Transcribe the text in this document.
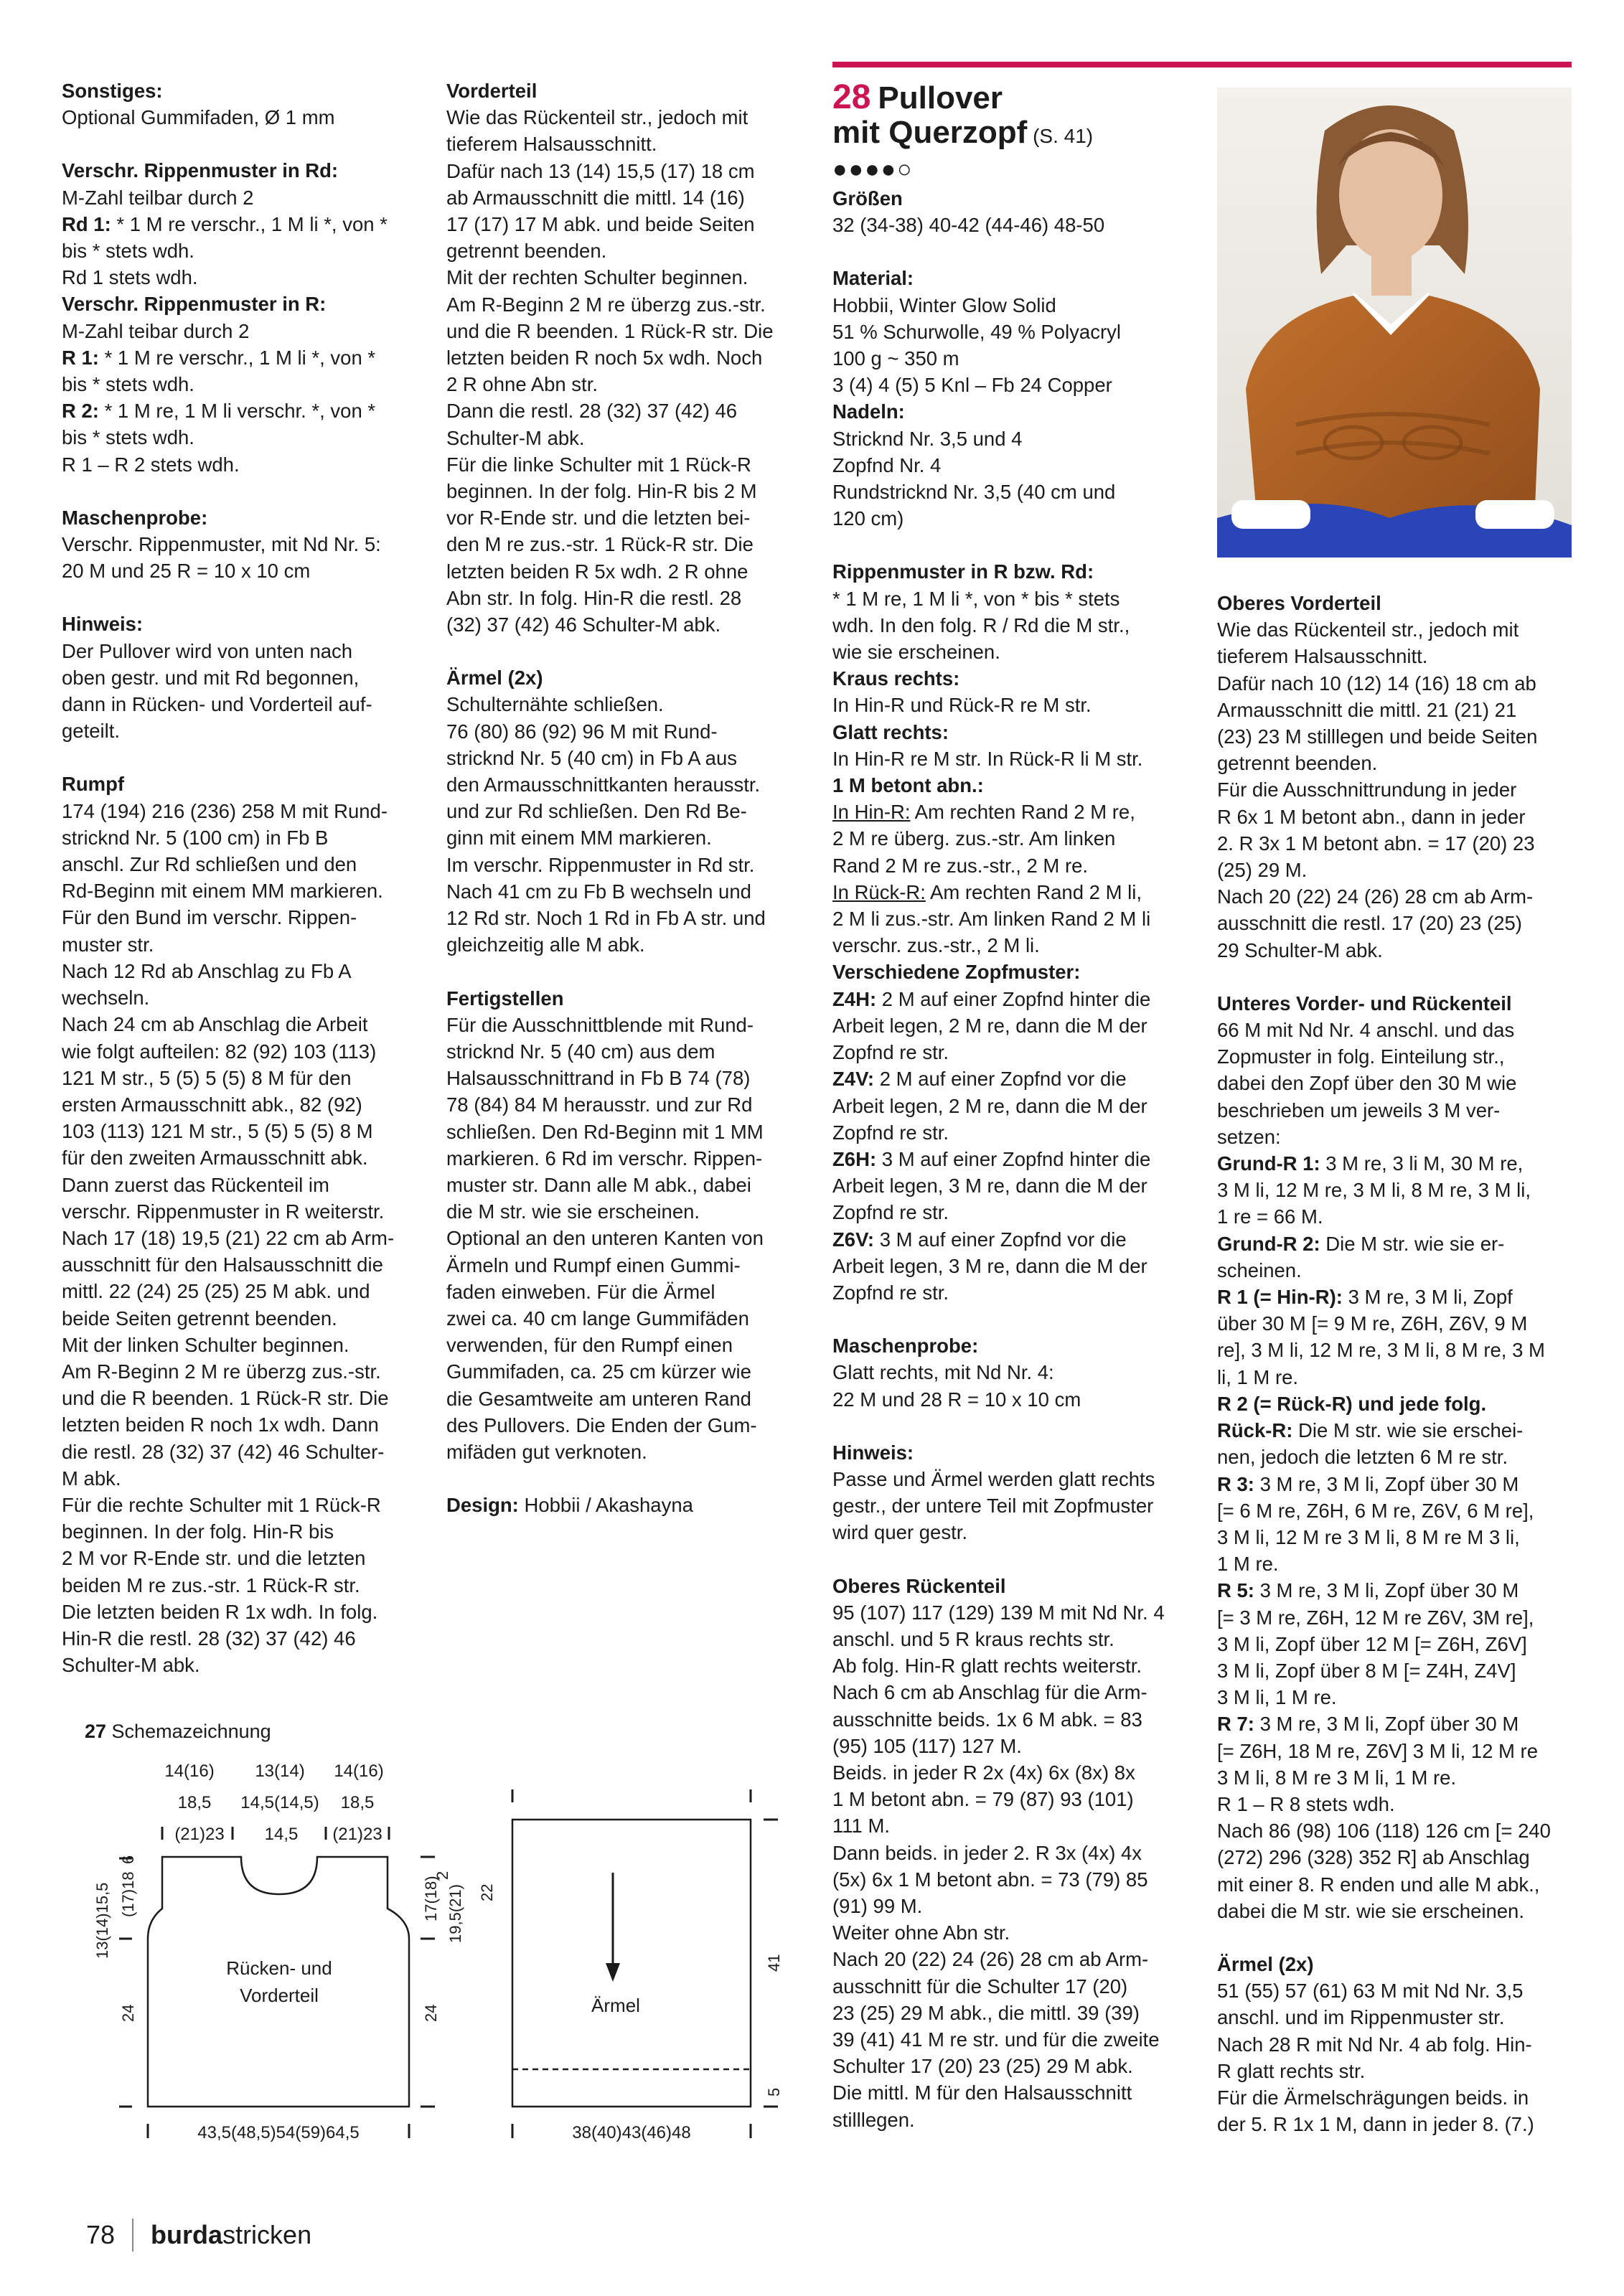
Sonstiges:

Optional Gummifaden, Ø 1 mm

Verschr. Rippenmuster in Rd:

M-Zahl teilbar durch 2

Rd 1: * 1 M re verschr., 1 M li *, von *

bis * stets wdh.

Rd 1 stets wdh.

Verschr. Rippenmuster in R:

M-Zahl teibar durch 2

R 1: * 1 M re verschr., 1 M li *, von *

bis * stets wdh.

R 2: * 1 M re, 1 M li verschr. *, von *

bis * stets wdh.

R 1 – R 2 stets wdh.

Maschenprobe:

Verschr. Rippenmuster, mit Nd Nr. 5:

20 M und 25 R = 10 x 10 cm

Hinweis:

Der Pullover wird von unten nach

oben gestr. und mit Rd begonnen,

dann in Rücken- und Vorderteil auf-

geteilt.

Rumpf

174 (194) 216 (236) 258 M mit Rund-

stricknd Nr. 5 (100 cm) in Fb B

anschl. Zur Rd schließen und den

Rd-Beginn mit einem MM markieren.

Für den Bund im verschr. Rippen-

muster str.

Nach 12 Rd ab Anschlag zu Fb A

wechseln.

Nach 24 cm ab Anschlag die Arbeit

wie folgt aufteilen: 82 (92) 103 (113)

121 M str., 5 (5) 5 (5) 8 M für den

ersten Armausschnitt abk., 82 (92)

103 (113) 121 M str., 5 (5) 5 (5) 8 M

für den zweiten Armausschnitt abk.

Dann zuerst das Rückenteil im

verschr. Rippenmuster in R weiterstr.

Nach 17 (18) 19,5 (21) 22 cm ab Arm-

ausschnitt für den Halsausschnitt die

mittl. 22 (24) 25 (25) 25 M abk. und

beide Seiten getrennt beenden.

Mit der linken Schulter beginnen.

Am R-Beginn 2 M re überzg zus.-str.

und die R beenden. 1 Rück-R str. Die

letzten beiden R noch 1x wdh. Dann

die restl. 28 (32) 37 (42) 46 Schulter-

M abk.

Für die rechte Schulter mit 1 Rück-R

beginnen. In der folg. Hin-R bis

2 M vor R-Ende str. und die letzten

beiden M re zus.-str. 1 Rück-R str.

Die letzten beiden R 1x wdh. In folg.

Hin-R die restl. 28 (32) 37 (42) 46

Schulter-M abk.

Vorderteil

Wie das Rückenteil str., jedoch mit

tieferem Halsausschnitt.

Dafür nach 13 (14) 15,5 (17) 18 cm

ab Armausschnitt die mittl. 14 (16)

17 (17) 17 M abk. und beide Seiten

getrennt beenden.

Mit der rechten Schulter beginnen.

Am R-Beginn 2 M re überzg zus.-str.

und die R beenden. 1 Rück-R str. Die

letzten beiden R noch 5x wdh. Noch

2 R ohne Abn str.

Dann die restl. 28 (32) 37 (42) 46

Schulter-M abk.

Für die linke Schulter mit 1 Rück-R

beginnen. In der folg. Hin-R bis 2 M

vor R-Ende str. und die letzten bei-

den M re zus.-str. 1 Rück-R str. Die

letzten beiden R 5x wdh. 2 R ohne

Abn str. In folg. Hin-R die restl. 28

(32) 37 (42) 46 Schulter-M abk.

Ärmel (2x)

Schulternähte schließen.

76 (80) 86 (92) 96 M mit Rund-

stricknd Nr. 5 (40 cm) in Fb A aus

den Armausschnittkanten herausstr.

und zur Rd schließen. Den Rd Be-

ginn mit einem MM markieren.

Im verschr. Rippenmuster in Rd str.

Nach 41 cm zu Fb B wechseln und

12 Rd str. Noch 1 Rd in Fb A str. und

gleichzeitig alle M abk.

Fertigstellen

Für die Ausschnittblende mit Rund-

stricknd Nr. 5 (40 cm) aus dem

Halsausschnittrand in Fb B 74 (78)

78 (84) 84 M herausstr. und zur Rd

schließen. Den Rd-Beginn mit 1 MM

markieren. 6 Rd im verschr. Rippen-

muster str. Dann alle M abk., dabei

die M str. wie sie erscheinen.

Optional an den unteren Kanten von

Ärmeln und Rumpf einen Gummi-

faden einweben. Für die Ärmel

zwei ca. 40 cm lange Gummifäden

verwenden, für den Rumpf einen

Gummifaden, ca. 25 cm kürzer wie

die Gesamtweite am unteren Rand

des Pullovers. Die Enden der Gum-

mifäden gut verknoten.

Design: Hobbii / Akashayna

28 Pullover

mit Querzopf (S. 41)

●●●●○

Größen

32 (34-38) 40-42 (44-46) 48-50

Material:

Hobbii, Winter Glow Solid

51 % Schurwolle, 49 % Polyacryl

100 g ~ 350 m

3 (4) 4 (5) 5 Knl – Fb 24 Copper

Nadeln:

Stricknd Nr. 3,5 und 4

Zopfnd Nr. 4

Rundstricknd Nr. 3,5 (40 cm und

120 cm)

Rippenmuster in R bzw. Rd:

* 1 M re, 1 M li *, von * bis * stets

wdh. In den folg. R / Rd die M str.,

wie sie erscheinen.

Kraus rechts:

In Hin-R und Rück-R re M str.

Glatt rechts:

In Hin-R re M str. In Rück-R li M str.

1 M betont abn.:

In Hin-R: Am rechten Rand 2 M re,

2 M re überg. zus.-str. Am linken

Rand 2 M re zus.-str., 2 M re.

In Rück-R: Am rechten Rand 2 M li,

2 M li zus.-str. Am linken Rand 2 M li

verschr. zus.-str., 2 M li.

Verschiedene Zopfmuster:

Z4H: 2 M auf einer Zopfnd hinter die

Arbeit legen, 2 M re, dann die M der

Zopfnd re str.

Z4V: 2 M auf einer Zopfnd vor die

Arbeit legen, 2 M re, dann die M der

Zopfnd re str.

Z6H: 3 M auf einer Zopfnd hinter die

Arbeit legen, 3 M re, dann die M der

Zopfnd re str.

Z6V: 3 M auf einer Zopfnd vor die

Arbeit legen, 3 M re, dann die M der

Zopfnd re str.

Maschenprobe:

Glatt rechts, mit Nd Nr. 4:

22 M und 28 R = 10 x 10 cm

Hinweis:

Passe und Ärmel werden glatt rechts

gestr., der untere Teil mit Zopfmuster

wird quer gestr.

Oberes Rückenteil

95 (107) 117 (129) 139 M mit Nd Nr. 4

anschl. und 5 R kraus rechts str.

Ab folg. Hin-R glatt rechts weiterstr.

Nach 6 cm ab Anschlag für die Arm-

ausschnitte beids. 1x 6 M abk. = 83

(95) 105 (117) 127 M.

Beids. in jeder R 2x (4x) 6x (8x) 8x

1 M betont abn. = 79 (87) 93 (101)

111 M.

Dann beids. in jeder 2. R 3x (4x) 4x

(5x) 6x 1 M betont abn. = 73 (79) 85

(91) 99 M.

Weiter ohne Abn str.

Nach 20 (22) 24 (26) 28 cm ab Arm-

ausschnitt für die Schulter 17 (20)

23 (25) 29 M abk., die mittl. 39 (39)

39 (41) 41 M re str. und für die zweite

Schulter 17 (20) 23 (25) 29 M abk.

Die mittl. M für den Halsausschnitt

stilllegen.

Oberes Vorderteil

Wie das Rückenteil str., jedoch mit

tieferem Halsausschnitt.

Dafür nach 10 (12) 14 (16) 18 cm ab

Armausschnitt die mittl. 21 (21) 21

(23) 23 M stilllegen und beide Seiten

getrennt beenden.

Für die Ausschnittrundung in jeder

R 6x 1 M betont abn., dann in jeder

2. R 3x 1 M betont abn. = 17 (20) 23

(25) 29 M.

Nach 20 (22) 24 (26) 28 cm ab Arm-

ausschnitt die restl. 17 (20) 23 (25)

29 Schulter-M abk.

Unteres Vorder- und Rückenteil

66 M mit Nd Nr. 4 anschl. und das

Zopmuster in folg. Einteilung str.,

dabei den Zopf über den 30 M wie

beschrieben um jeweils 3 M ver-

setzen:

Grund-R 1: 3 M re, 3 li M, 30 M re,

3 M li, 12 M re, 3 M li, 8 M re, 3 M li,

1 re = 66 M.

Grund-R 2: Die M str. wie sie er-

scheinen.

R 1 (= Hin-R): 3 M re, 3 M li, Zopf

über 30 M [= 9 M re, Z6H, Z6V, 9 M

re], 3 M li, 12 M re, 3 M li, 8 M re, 3 M

li, 1 M re.

R 2 (= Rück-R) und jede folg.

Rück-R: Die M str. wie sie erschei-

nen, jedoch die letzten 6 M re str.

R 3: 3 M re, 3 M li, Zopf über 30 M

[= 6 M re, Z6H, 6 M re, Z6V, 6 M re],

3 M li, 12 M re 3 M li, 8 M re M 3 li,

1 M re.

R 5: 3 M re, 3 M li, Zopf über 30 M

[= 3 M re, Z6H, 12 M re Z6V, 3M re],

3 M li, Zopf über 12 M [= Z6H, Z6V]

3 M li, Zopf über 8 M [= Z4H, Z4V]

3 M li, 1 M re.

R 7: 3 M re, 3 M li, Zopf über 30 M

[= Z6H, 18 M re, Z6V] 3 M li, 12 M re

3 M li, 8 M re 3 M li, 1 M re.

R 1 – R 8 stets wdh.

Nach 86 (98) 106 (118) 126 cm [= 240

(272) 296 (328) 352 R] ab Anschlag

mit einer 8. R enden und alle M abk.,

dabei die M str. wie sie erscheinen.

Ärmel (2x)

51 (55) 57 (61) 63 M mit Nd Nr. 3,5

anschl. und im Rippenmuster str.

Nach 28 R mit Nd Nr. 4 ab folg. Hin-

R glatt rechts str.

Für die Ärmelschrägungen beids. in

der 5. R 1x 1 M, dann in jeder 8. (7.)

27 Schemazeichnung
14(16) 13(14) 14(16)
18,5 14,5(14,5) 18,5
(21)23 14,5 (21)23
Rücken- und
Vorderteil
13(14)15,5 (17)18
6
24
17(18) 19,5(21)
2
24
22
43,5(48,5)54(59)64,5
Ärmel
41
5
38(40)43(46)48
78 burdastricken
